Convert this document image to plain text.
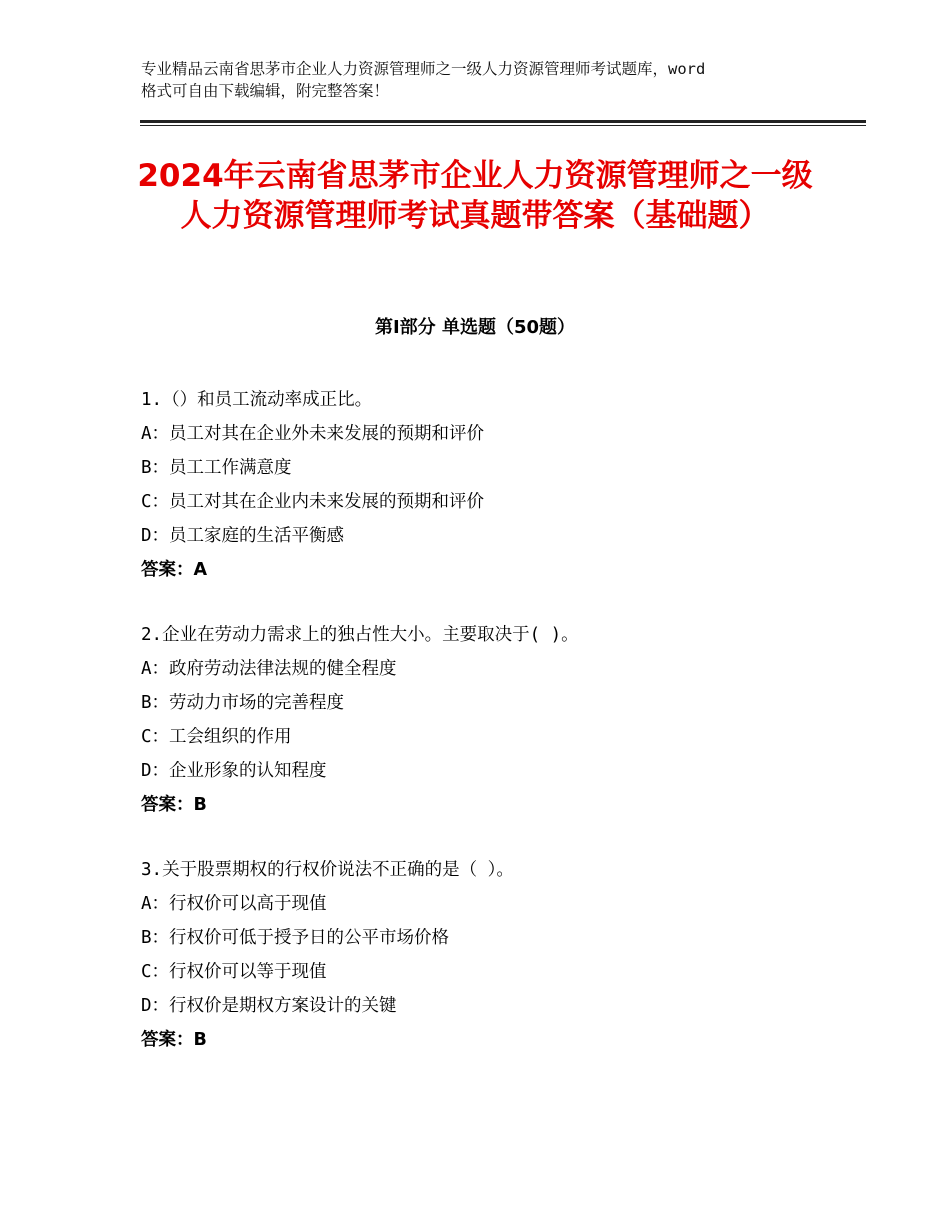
专业精品云南省思茅市企业人力资源管理师之一级人力资源管理师考试题库，word
格式可自由下载编辑，附完整答案！
2024年云南省思茅市企业人力资源管理师之一级人力资源管理师考试真题带答案（基础题）
第Ⅰ部分 单选题（50题）
1.（）和员工流动率成正比。
A：员工对其在企业外未来发展的预期和评价
B：员工工作满意度
C：员工对其在企业内未来发展的预期和评价
D：员工家庭的生活平衡感
答案：A
2.企业在劳动力需求上的独占性大小。主要取决于( )。
A：政府劳动法律法规的健全程度
B：劳动力市场的完善程度
C：工会组织的作用
D：企业形象的认知程度
答案：B
3.关于股票期权的行权价说法不正确的是（ ）。
A：行权价可以高于现值
B：行权价可低于授予日的公平市场价格
C：行权价可以等于现值
D：行权价是期权方案设计的关键
答案：B
